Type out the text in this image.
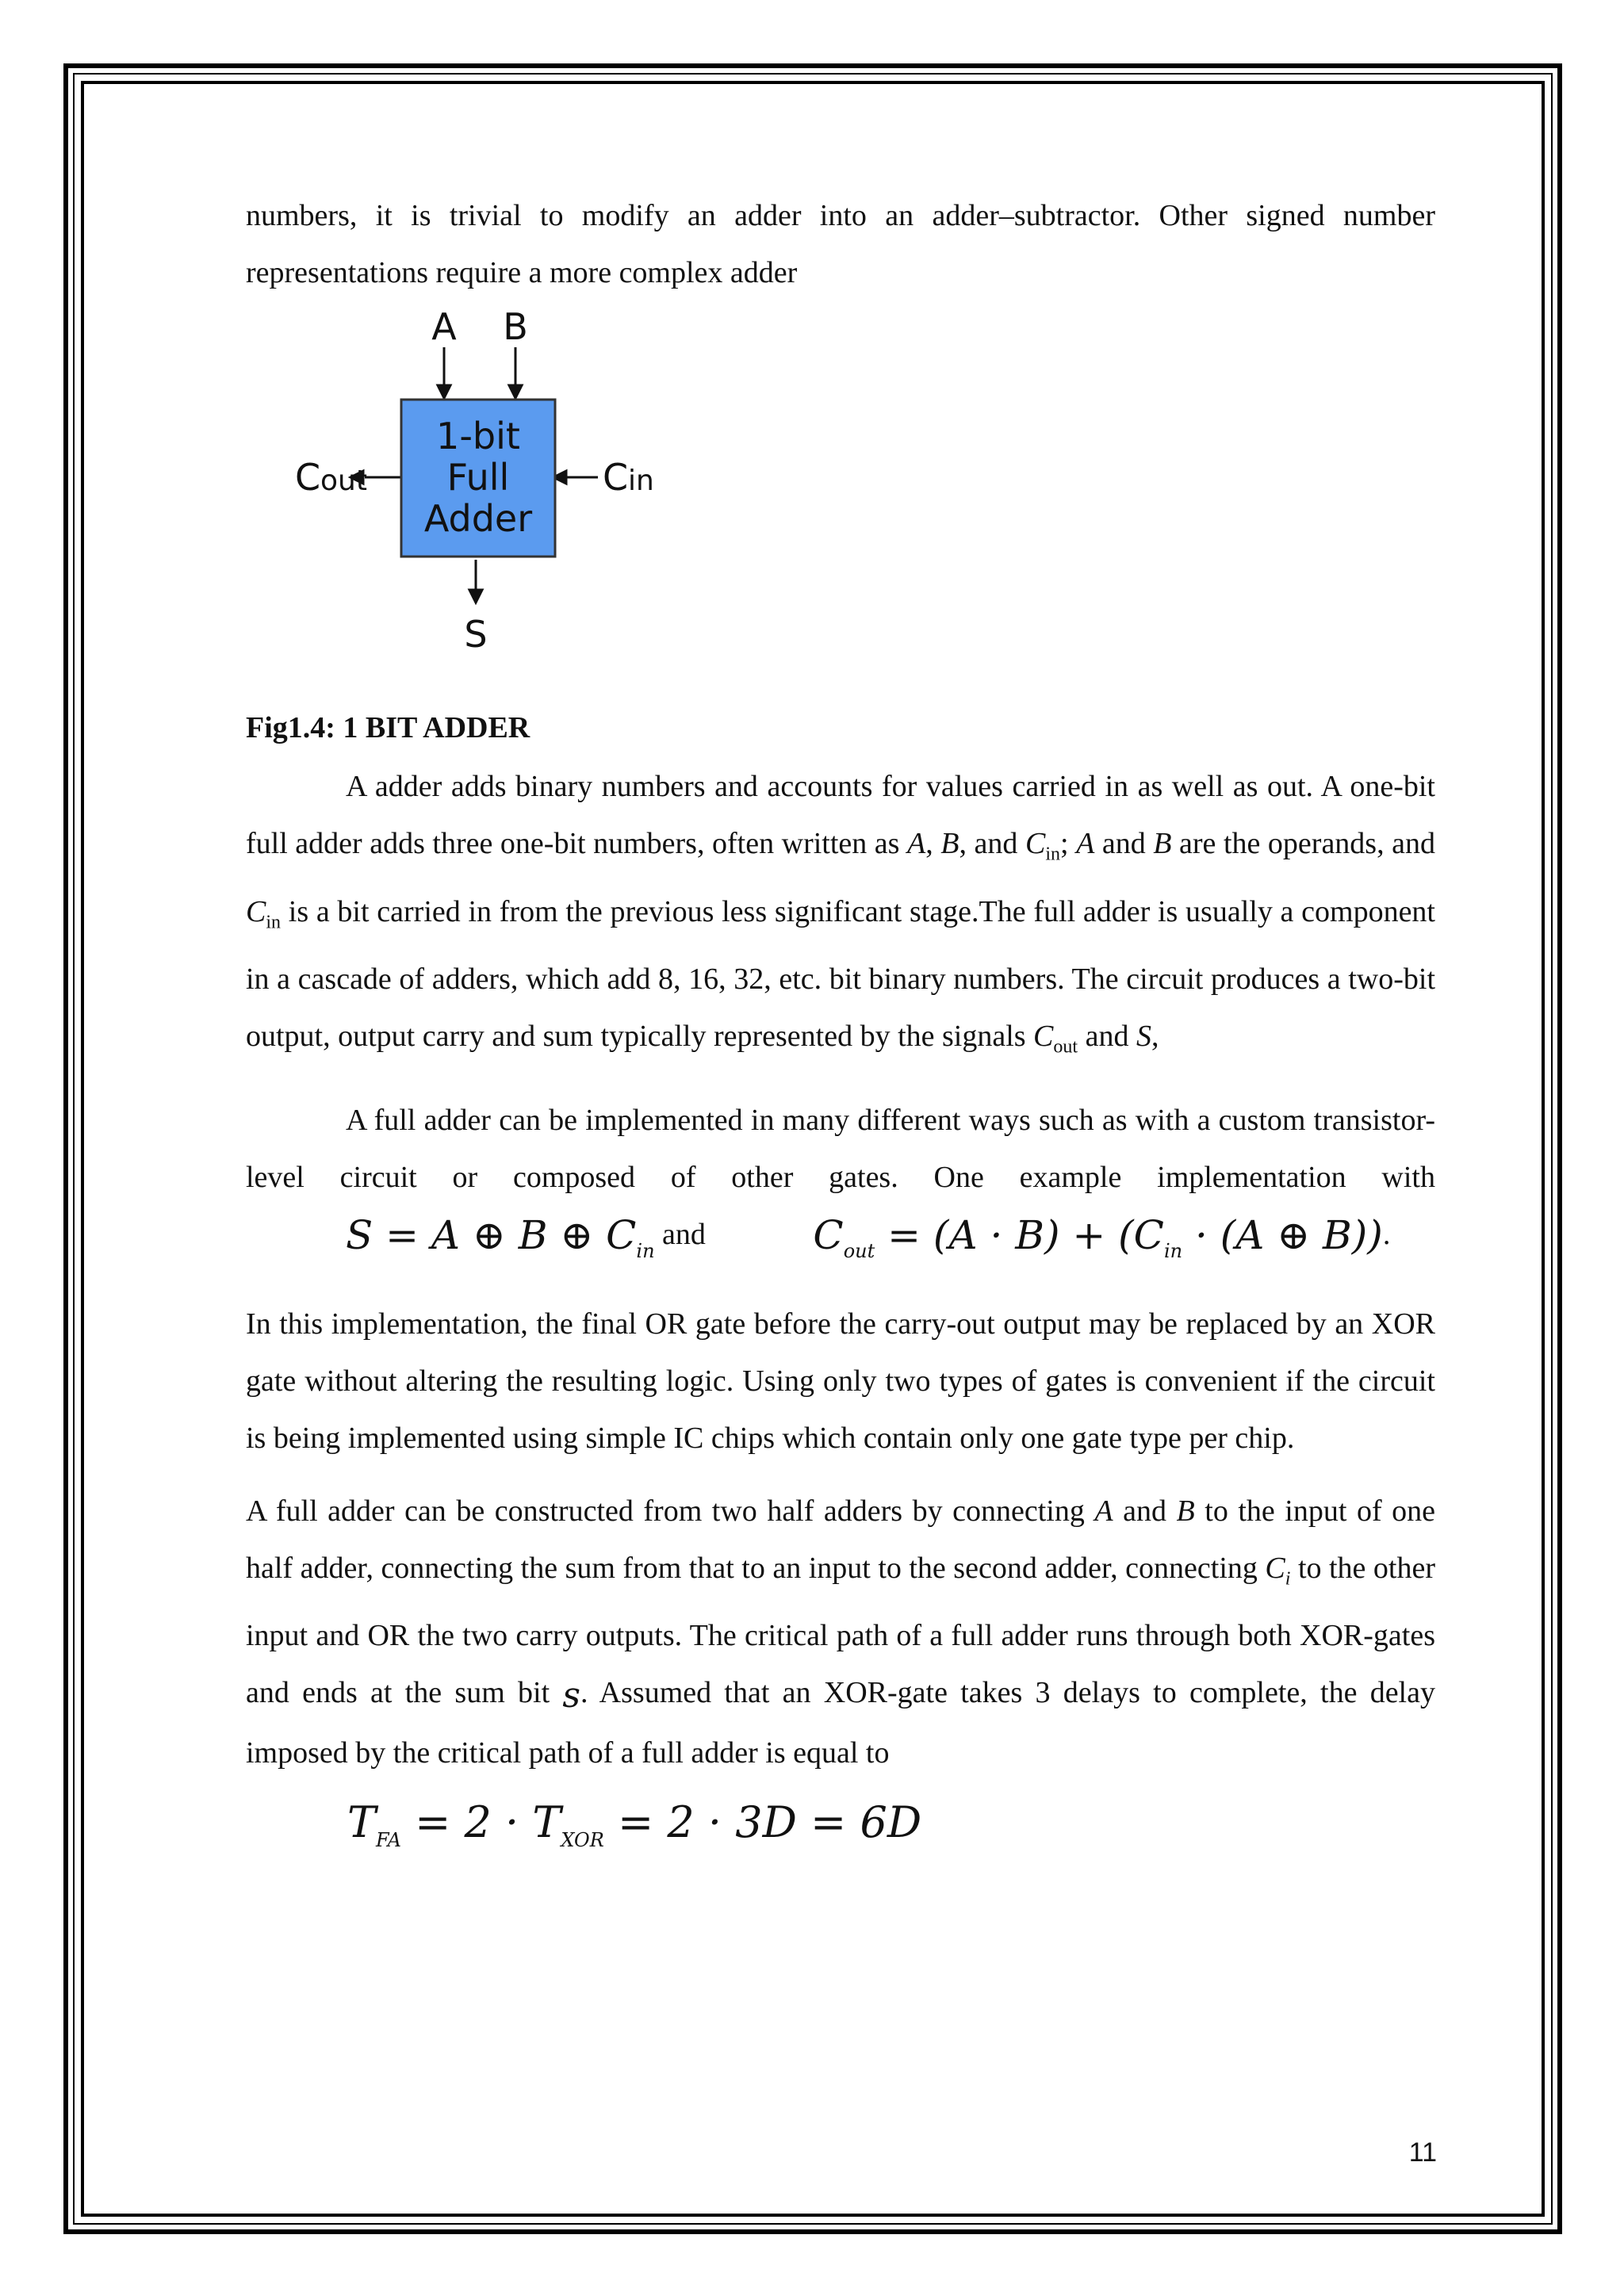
numbers, it is trivial to modify an adder into an adder–subtractor. Other signed number representations require a more complex adder

1-bit
Full
Adder
A B
S
C out	C in
Fig1.4: 1 BIT ADDER

A adder adds binary numbers and accounts for values carried in as well as out. A one-bit full adder adds three one-bit numbers, often written as A, B, and $C_{in}$; A and B are the operands, and $C_{in}$ is a bit carried in from the previous less significant stage.The full adder is usually a component in a cascade of adders, which add 8, 16, 32, etc. bit binary numbers. The circuit produces a two-bit output, output carry and sum typically represented by the signals $C_{out}$ and S,

A full adder can be implemented in many different ways such as with a custom transistor-level circuit or composed of other gates. One example implementation with S = A ⊕ B ⊕ $C_{in}$ and	$C_{out} = (A \cdot B) + (C_{in} \cdot (A$ ⊕ B)).

In this implementation, the final OR gate before the carry-out output may be replaced by an XOR gate without altering the resulting logic. Using only two types of gates is convenient if the circuit is being implemented using simple IC chips which contain only one gate type per chip.

A full adder can be constructed from two half adders by connecting A and B to the input of one half adder, connecting the sum from that to an input to the second adder, connecting $C_i$ to the other input and OR the two carry outputs. The critical path of a full adder runs through both XOR-gates and ends at the sum bit s. Assumed that an XOR-gate takes 3 delays to complete, the delay imposed by the critical path of a full adder is equal to

$T_{FA} = 2 \cdot T_{XOR} = 2 \cdot 3D = 6D$
11
